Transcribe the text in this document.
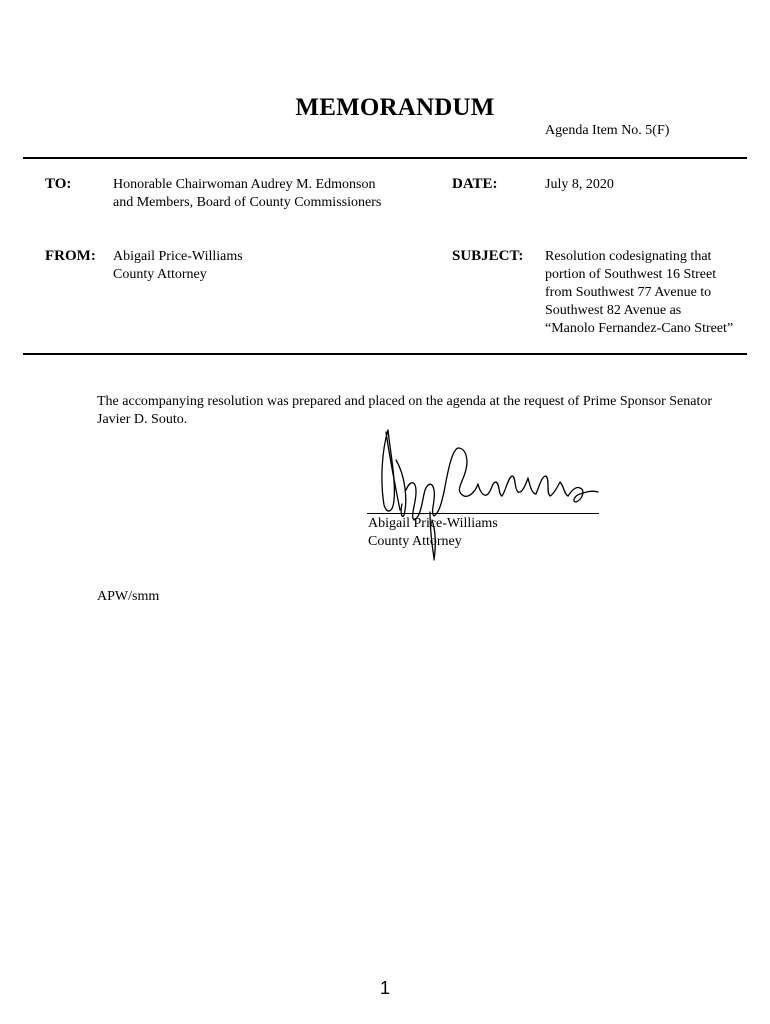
MEMORANDUM
Agenda Item No. 5(F)
TO:	Honorable Chairwoman Audrey M. Edmonson
and Members, Board of County Commissioners
DATE:	July 8, 2020
FROM: Abigail Price-Williams
County Attorney
SUBJECT: Resolution codesignating that
portion of Southwest 16 Street
from Southwest 77 Avenue to
Southwest 82 Avenue as
“Manolo Fernandez-Cano Street”
The accompanying resolution was prepared and placed on the agenda at the request of Prime Sponsor Senator Javier D. Souto.
Abigail Price-Williams
County Attorney
APW/smm
1
